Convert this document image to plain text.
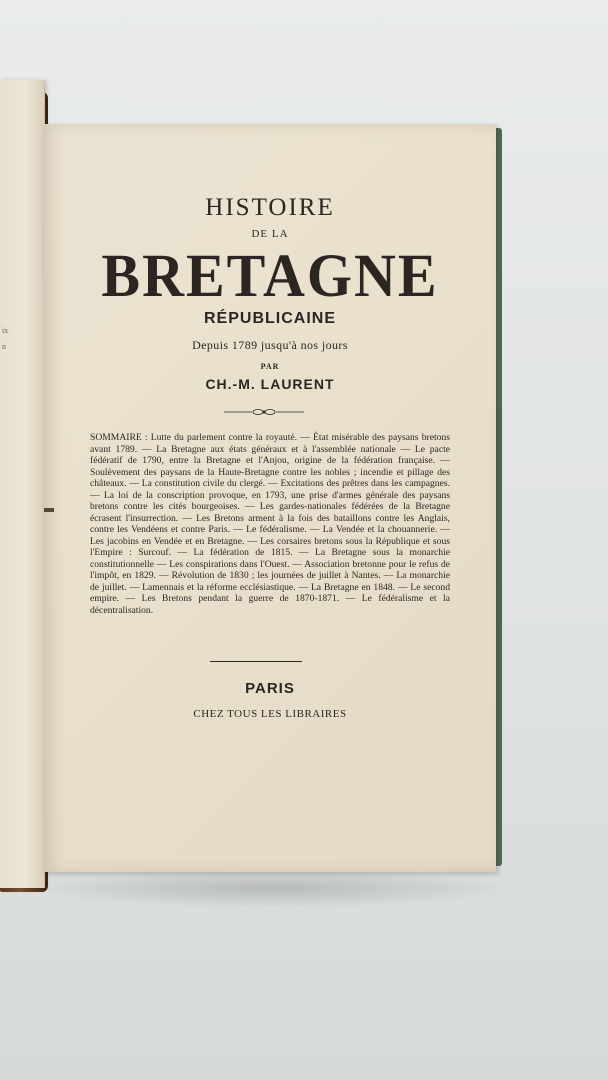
ix
n
HISTOIRE
DE LA
BRETAGNE
RÉPUBLICAINE
Depuis 1789 jusqu'à nos jours
PAR
CH.-M. LAURENT
SOMMAIRE : Lutte du parlement contre la royauté. — État misérable des paysans bretons avant 1789. — La Bretagne aux états généraux et à l'assemblée nationale — Le pacte fédératif de 1790, entre la Bretagne et l'Anjou, origine de la fédération française. — Soulèvement des paysans de la Haute-Bretagne contre les nobles ; incendie et pillage des châteaux. — La constitution civile du clergé. — Excitations des prêtres dans les campagnes. — La loi de la conscription provoque, en 1793, une prise d'armes générale des paysans bretons contre les cités bourgeoises. — Les gardes-nationales fédérées de la Bretagne écrasent l'insurrection. — Les Bretons arment à la fois des bataillons contre les Anglais, contre les Vendéens et contre Paris. — Le fédéralisme. — La Vendée et la chouannerie. — Les jacobins en Vendée et en Bretagne. — Les corsaires bretons sous la République et sous l'Empire : Surcouf. — La fédération de 1815. — La Bretagne sous la monarchie constitutionnelle — Les conspirations dans l'Ouest. — Association bretonne pour le refus de l'impôt, en 1829. — Révolution de 1830 ; les journées de juillet à Nantes. — La monarchie de juillet. — Lamennais et la réforme ecclésiastique. — La Bretagne en 1848. — Le second empire. — Les Bretons pendant la guerre de 1870-1871. — Le fédéralisme et la décentralisation.
PARIS
CHEZ TOUS LES LIBRAIRES
